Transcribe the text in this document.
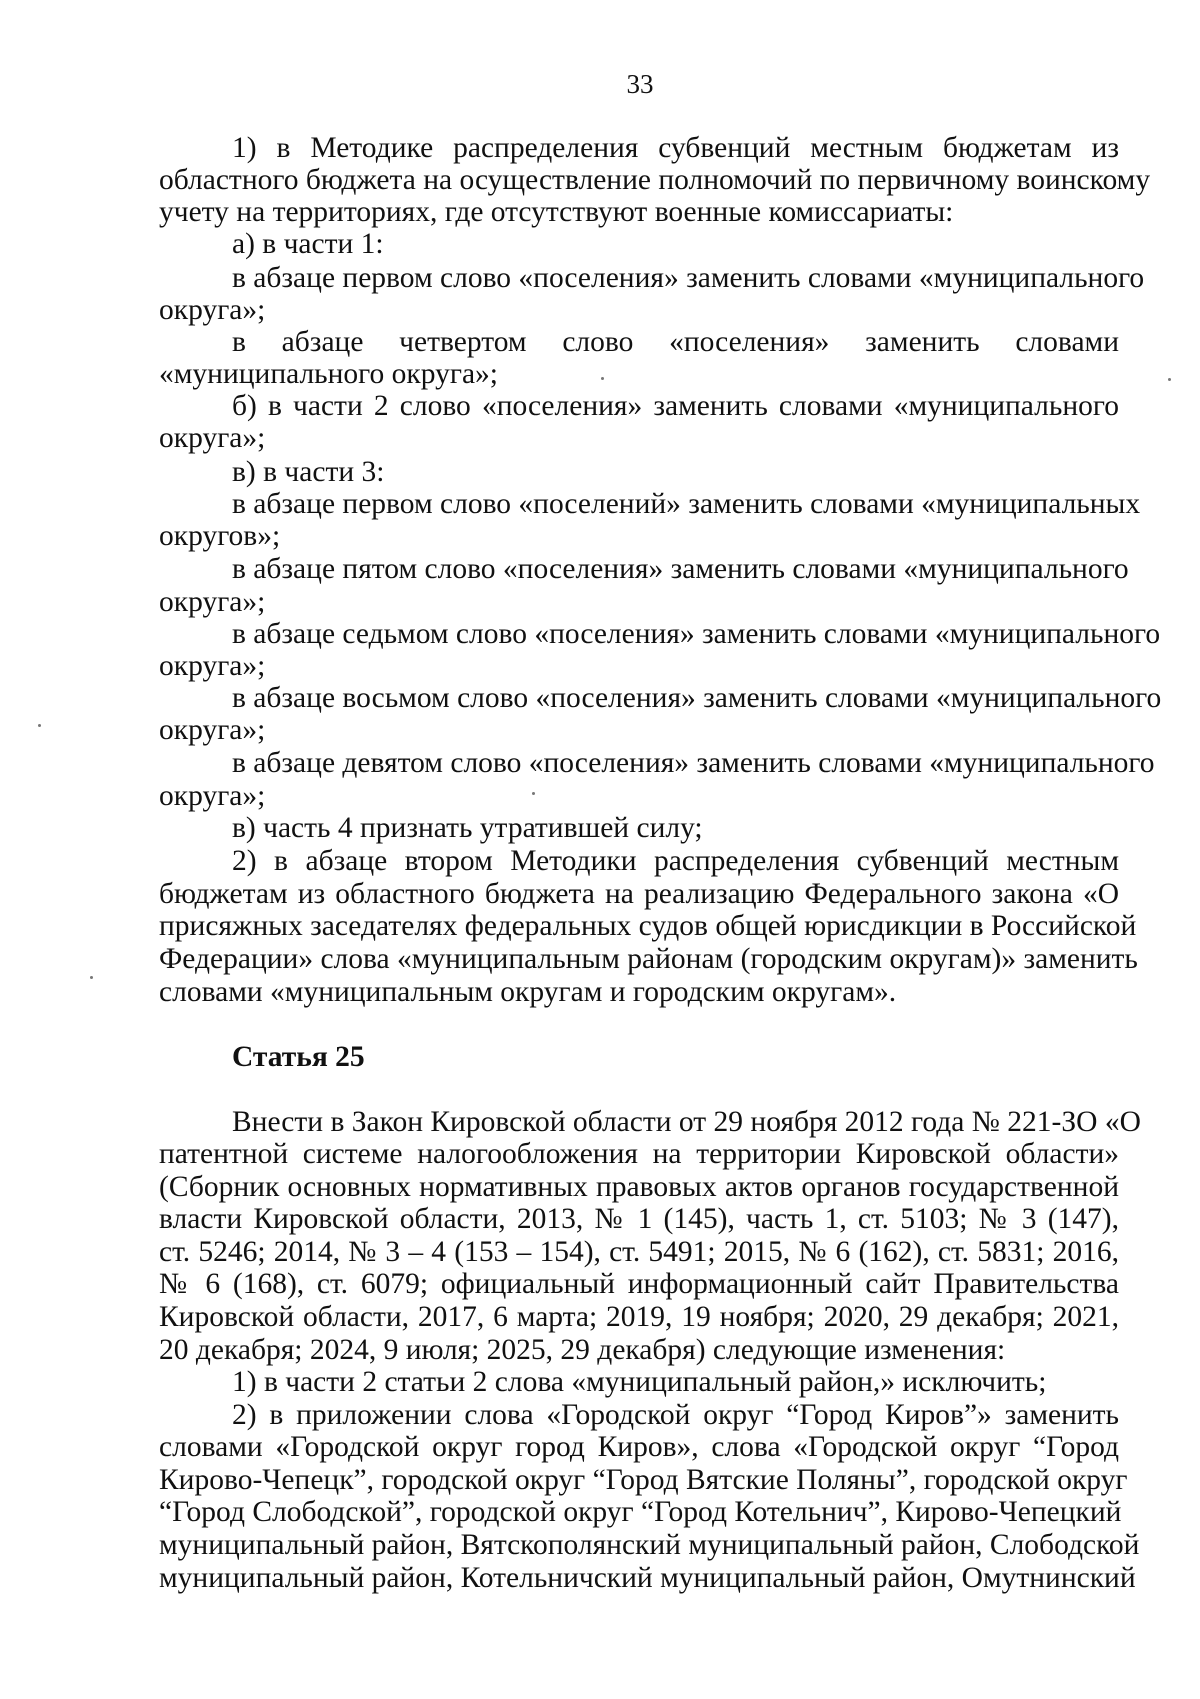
33
1) в Методике распределения субвенций местным бюджетам из
областного бюджета на осуществление полномочий по первичному воинскому
учету на территориях, где отсутствуют военные комиссариаты:
а) в части 1:
в абзаце первом слово «поселения» заменить словами «муниципального
округа»;
в абзаце четвертом слово «поселения» заменить словами
«муниципального округа»;
б) в части 2 слово «поселения» заменить словами «муниципального
округа»;
в) в части 3:
в абзаце первом слово «поселений» заменить словами «муниципальных
округов»;
в абзаце пятом слово «поселения» заменить словами «муниципального
округа»;
в абзаце седьмом слово «поселения» заменить словами «муниципального
округа»;
в абзаце восьмом слово «поселения» заменить словами «муниципального
округа»;
в абзаце девятом слово «поселения» заменить словами «муниципального
округа»;
в) часть 4 признать утратившей силу;
2) в абзаце втором Методики распределения субвенций местным
бюджетам из областного бюджета на реализацию Федерального закона «О
присяжных заседателях федеральных судов общей юрисдикции в Российской
Федерации» слова «муниципальным районам (городским округам)» заменить
словами «муниципальным округам и городским округам».
Статья 25
Внести в Закон Кировской области от 29 ноября 2012 года № 221-ЗО «О
патентной системе налогообложения на территории Кировской области»
(Сборник основных нормативных правовых актов органов государственной
власти Кировской области, 2013, № 1 (145), часть 1, ст. 5103; № 3 (147),
ст. 5246; 2014, № 3 – 4 (153 – 154), ст. 5491; 2015, № 6 (162), ст. 5831; 2016,
№ 6 (168), ст. 6079; официальный информационный сайт Правительства
Кировской области, 2017, 6 марта; 2019, 19 ноября; 2020, 29 декабря; 2021,
20 декабря; 2024, 9 июля; 2025, 29 декабря) следующие изменения:
1) в части 2 статьи 2 слова «муниципальный район,» исключить;
2) в приложении слова «Городской округ “Город Киров”» заменить
словами «Городской округ город Киров», слова «Городской округ “Город
Кирово-Чепецк”, городской округ “Город Вятские Поляны”, городской округ
“Город Слободской”, городской округ “Город Котельнич”, Кирово-Чепецкий
муниципальный район, Вятскополянский муниципальный район, Слободской
муниципальный район, Котельничский муниципальный район, Омутнинский
